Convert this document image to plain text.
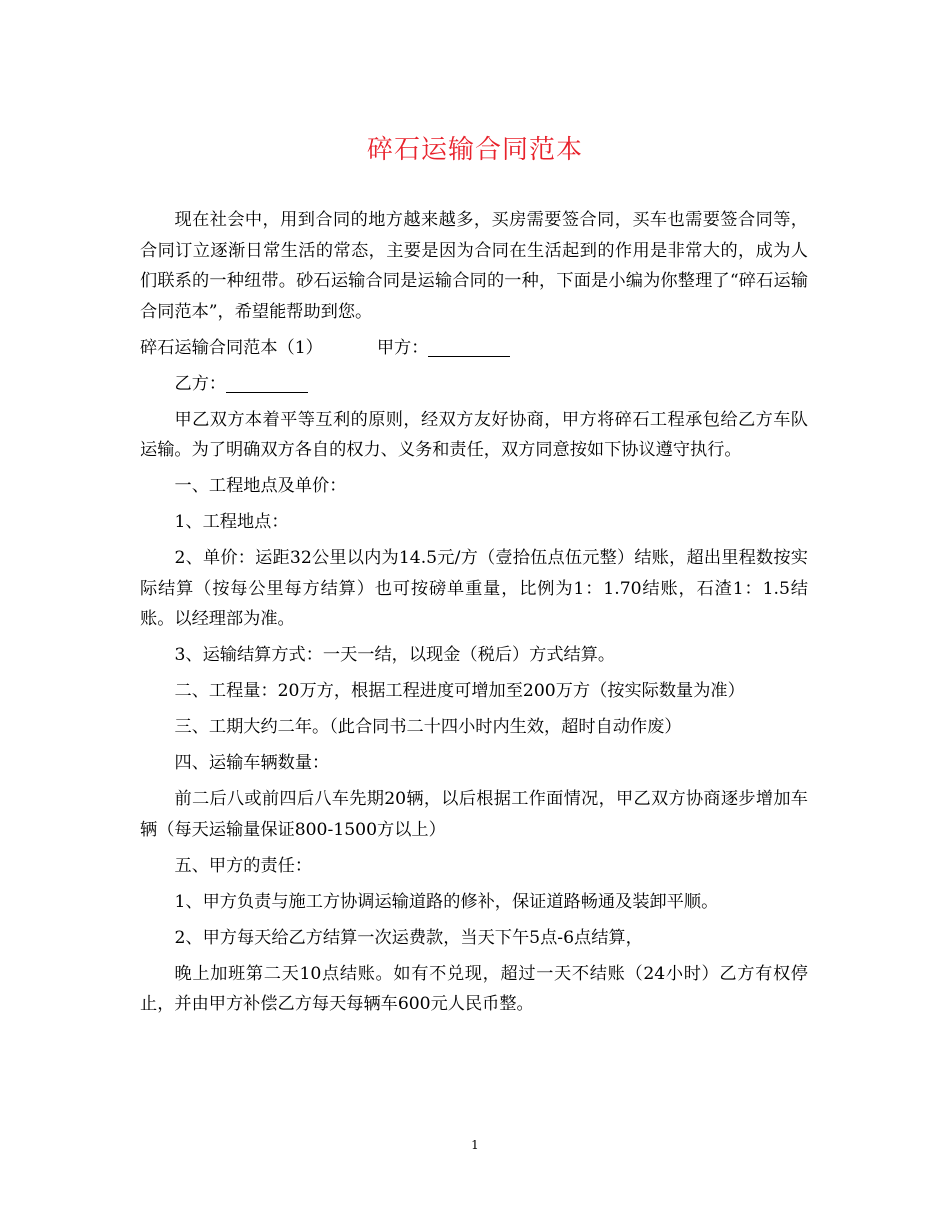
碎石运输合同范本

现在社会中，用到合同的地方越来越多，买房需要签合同，买车也需要签合同等，合同订立逐渐日常生活的常态，主要是因为合同在生活起到的作用是非常大的，成为人们联系的一种纽带。砂石运输合同是运输合同的一种，下面是小编为你整理了“碎石运输合同范本”，希望能帮助到您。

碎石运输合同范本（1）	甲方：

乙方：

甲乙双方本着平等互利的原则，经双方友好协商，甲方将碎石工程承包给乙方车队运输。为了明确双方各自的权力、义务和责任，双方同意按如下协议遵守执行。

一、工程地点及单价：

1、工程地点：

2、单价：运距32公里以内为14.5元/方（壹拾伍点伍元整）结账，超出里程数按实际结算（按每公里每方结算）也可按磅单重量，比例为1：1.70结账，石渣1：1.5结账。以经理部为准。

3、运输结算方式：一天一结，以现金（税后）方式结算。

二、工程量：20万方，根据工程进度可增加至200万方（按实际数量为准）

三、工期大约二年。（此合同书二十四小时内生效，超时自动作废）

四、运输车辆数量：

前二后八或前四后八车先期20辆，以后根据工作面情况，甲乙双方协商逐步增加车辆（每天运输量保证800-1500方以上）

五、甲方的责任：

1、甲方负责与施工方协调运输道路的修补，保证道路畅通及装卸平顺。

2、甲方每天给乙方结算一次运费款，当天下午5点-6点结算，

晚上加班第二天10点结账。如有不兑现，超过一天不结账（24小时）乙方有权停止，并由甲方补偿乙方每天每辆车600元人民币整。

1
